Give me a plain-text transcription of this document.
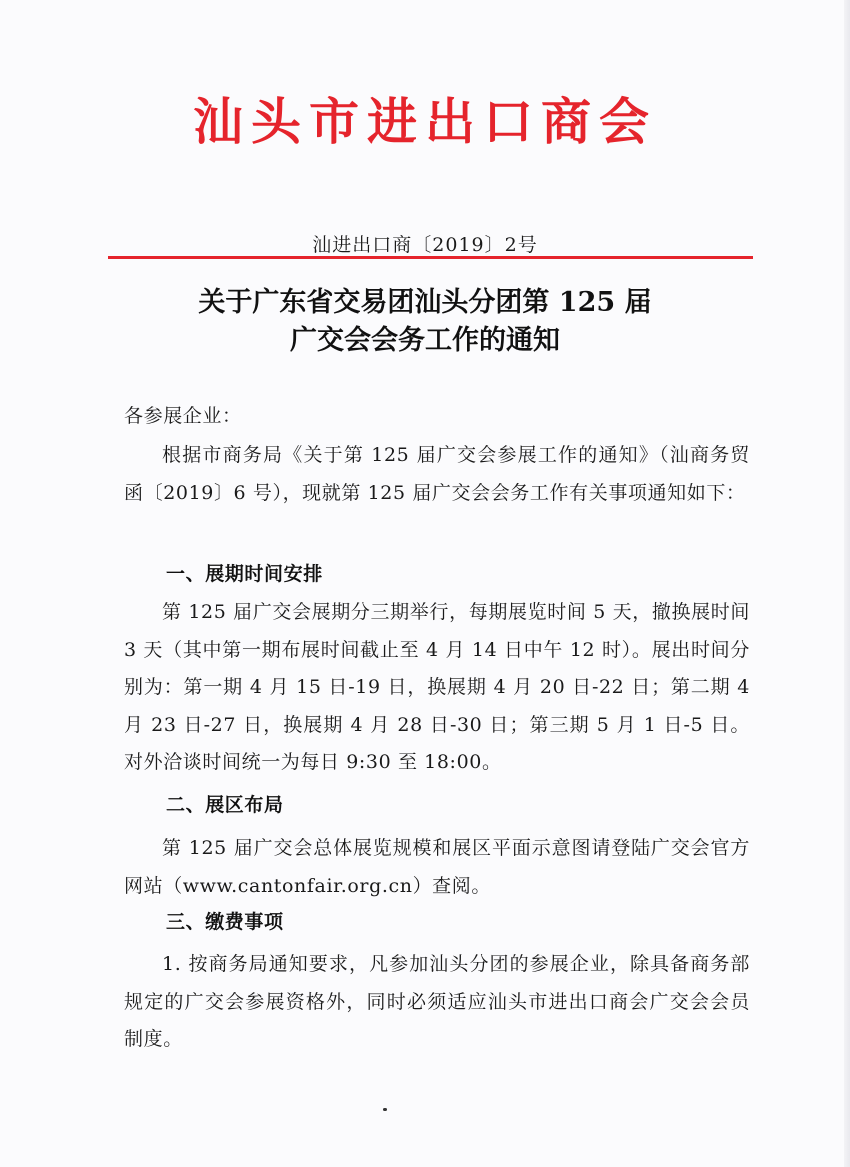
汕头市进出口商会
汕进出口商〔2019〕2号
关于广东省交易团汕头分团第 125 届
广交会会务工作的通知
各参展企业：
根据市商务局《关于第 125 届广交会参展工作的通知》（汕商务贸函〔2019〕6 号），现就第 125 届广交会会务工作有关事项通知如下：
一、展期时间安排
第 125 届广交会展期分三期举行，每期展览时间 5 天，撤换展时间 3 天（其中第一期布展时间截止至 4 月 14 日中午 12 时）。展出时间分别为：第一期 4 月 15 日-19 日，换展期 4 月 20 日-22 日；第二期 4 月 23 日-27 日，换展期 4 月 28 日-30 日；第三期 5 月 1 日-5 日。对外洽谈时间统一为每日 9:30 至 18:00。
二、展区布局
第 125 届广交会总体展览规模和展区平面示意图请登陆广交会官方网站（www.cantonfair.org.cn）查阅。
三、缴费事项
1. 按商务局通知要求，凡参加汕头分团的参展企业，除具备商务部规定的广交会参展资格外，同时必须适应汕头市进出口商会广交会会员制度。
